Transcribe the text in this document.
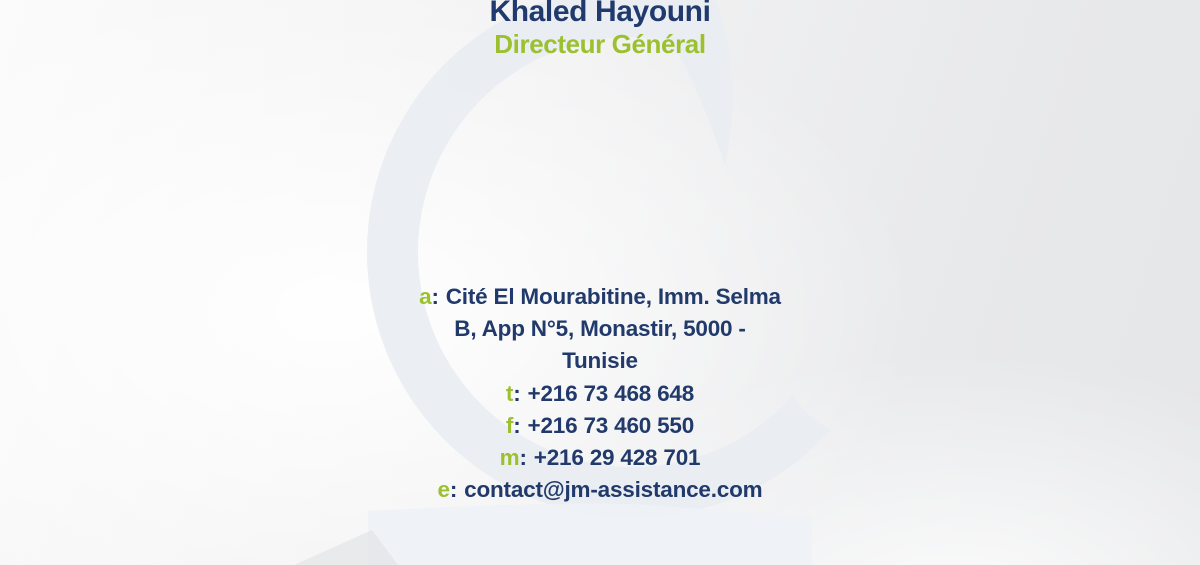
Khaled Hayouni
Directeur Général
a: Cité El Mourabitine, Imm. Selma
B, App N°5, Monastir, 5000 -
Tunisie
t: +216 73 468 648
f: +216 73 460 550
m: +216 29 428 701
e: contact@jm-assistance.com
